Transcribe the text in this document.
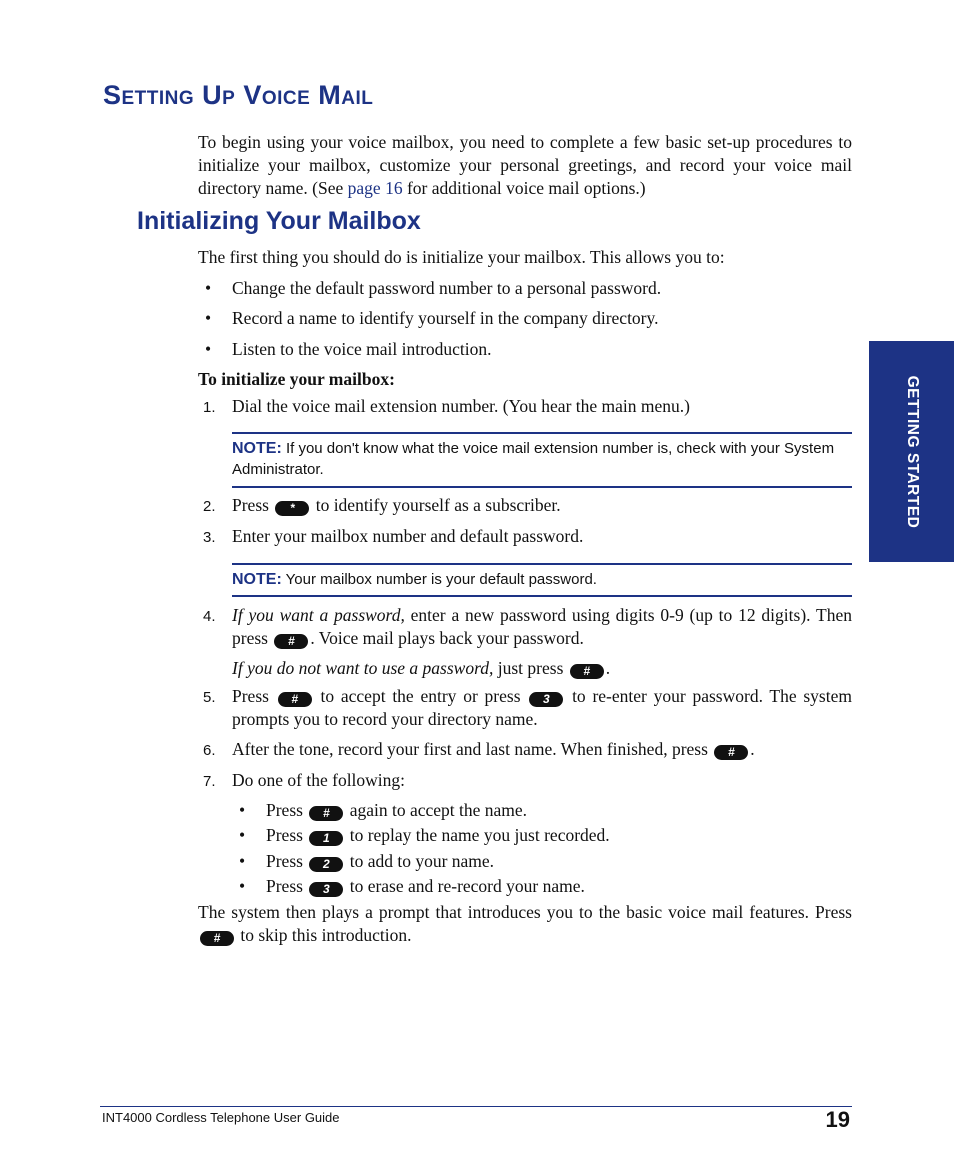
Setting Up Voice Mail

To begin using your voice mailbox, you need to complete a few basic set-up procedures to initialize your mailbox, customize your personal greetings, and record your voice mail directory name. (See page 16 for additional voice mail options.)

Initializing Your Mailbox

The first thing you should do is initialize your mailbox. This allows you to:

• Change the default password number to a personal password.
• Record a name to identify yourself in the company directory.
• Listen to the voice mail introduction.
To initialize your mailbox:
1. Dial the voice mail extension number. (You hear the main menu.)
NOTE: If you don't know what the voice mail extension number is, check with your System Administrator.
2. Press * to identify yourself as a subscriber.
3. Enter your mailbox number and default password.
NOTE: Your mailbox number is your default password.
4. If you want a password, enter a new password using digits 0-9 (up to 12 digits). Then press # . Voice mail plays back your password.
If you do not want to use a password, just press # .
5. Press # to accept the entry or press 3 to re-enter your password. The system prompts you to record your directory name.
6. After the tone, record your first and last name. When finished, press # .
7. Do one of the following:
• Press # again to accept the name.
• Press 1 to replay the name you just recorded.
• Press 2 to add to your name.
• Press 3 to erase and re-record your name.

The system then plays a prompt that introduces you to the basic voice mail features. Press # to skip this introduction.

GETTING STARTED
INT4000 Cordless Telephone User Guide	19
